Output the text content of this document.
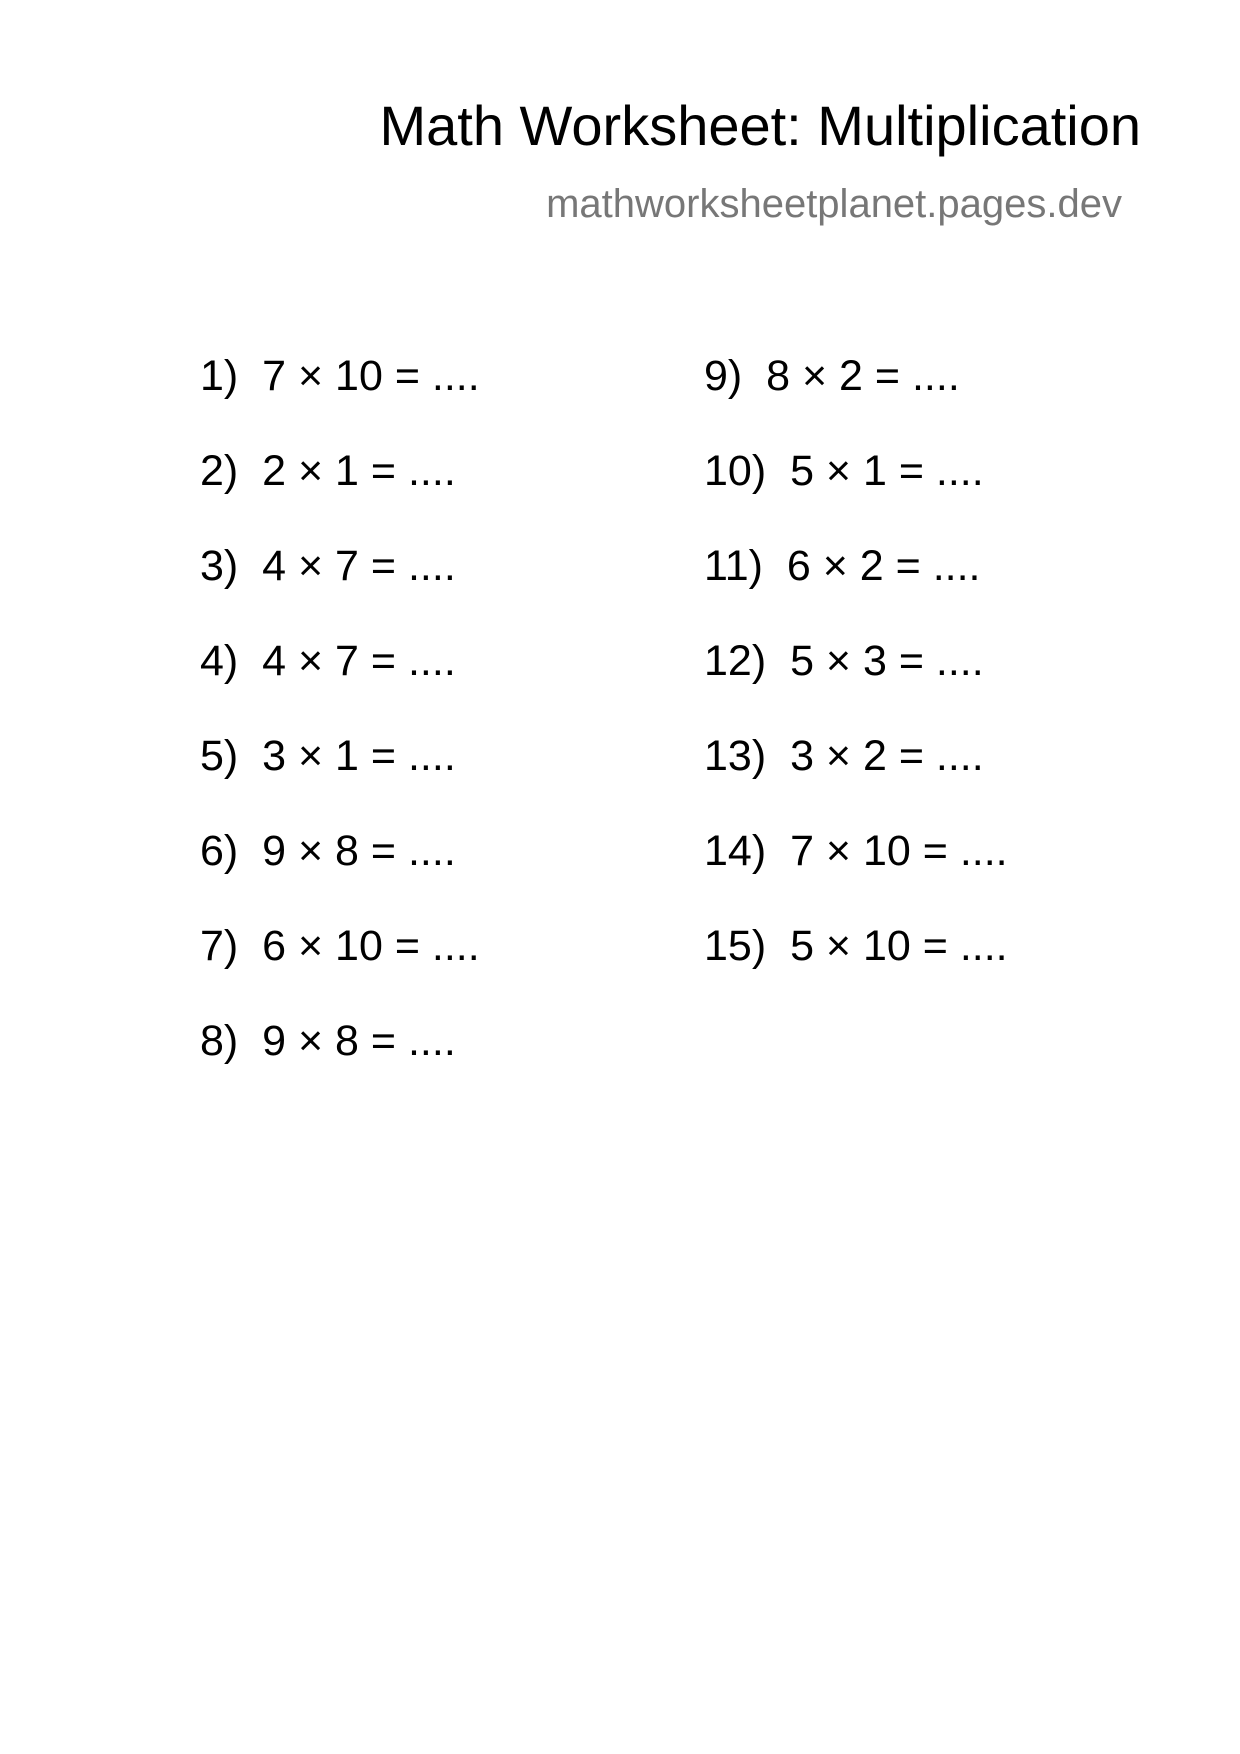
Math Worksheet: Multiplication
mathworksheetplanet.pages.dev
1) 7 × 10 = ....
2) 2 × 1 = ....
3) 4 × 7 = ....
4) 4 × 7 = ....
5) 3 × 1 = ....
6) 9 × 8 = ....
7) 6 × 10 = ....
8) 9 × 8 = ....
9) 8 × 2 = ....
10) 5 × 1 = ....
11) 6 × 2 = ....
12) 5 × 3 = ....
13) 3 × 2 = ....
14) 7 × 10 = ....
15) 5 × 10 = ....
